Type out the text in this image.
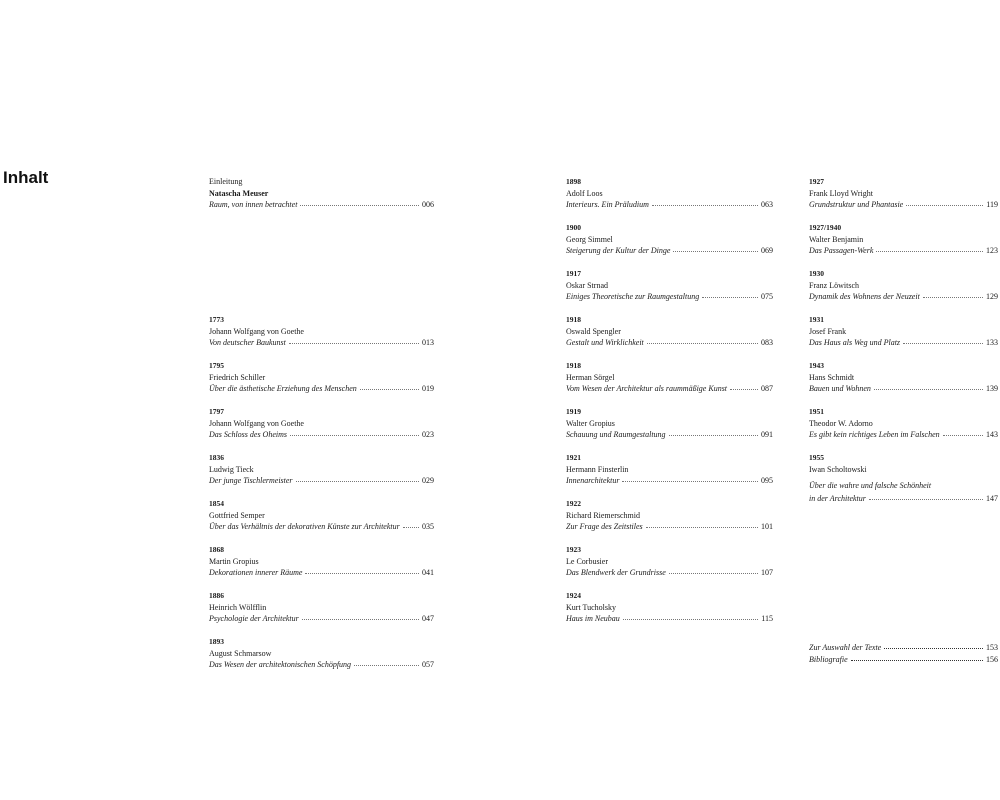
Inhalt	Einleitung
Natascha Meuser
Raum, von innen betrachtet	006
1773
Johann Wolfgang von Goethe
Von deutscher Baukunst	013
1795
Friedrich Schiller
Über die ästhetische Erziehung des Menschen	019
1797
Johann Wolfgang von Goethe
Das Schloss des Oheims	023
1836
Ludwig Tieck
Der junge Tischlermeister	029
1854
Gottfried Semper
Über das Verhältnis der dekorativen Künste zur Architektur	035
1868
Martin Gropius
Dekorationen innerer Räume	041
1886
Heinrich Wölfflin
Psychologie der Architektur	047
1893
August Schmarsow
Das Wesen der architektonischen Schöpfung	057
1898
Adolf Loos
Interieurs. Ein Präludium	063
1900
Georg Simmel
Steigerung der Kultur der Dinge	069
1917
Oskar Strnad
Einiges Theoretische zur Raumgestaltung	075
1918
Oswald Spengler
Gestalt und Wirklichkeit	083
1918
Herman Sörgel
Vom Wesen der Architektur als raummäßige Kunst	087
1919
Walter Gropius
Schauung und Raumgestaltung	091
1921
Hermann Finsterlin
Innenarchitektur	095
1922
Richard Riemerschmid
Zur Frage des Zeitstiles	101
1923
Le Corbusier
Das Blendwerk der Grundrisse	107
1924
Kurt Tucholsky
Haus im Neubau	115
1927
Frank Lloyd Wright
Grundstruktur und Phantasie	119
1927/1940
Walter Benjamin
Das Passagen-Werk	123
1930
Franz Löwitsch
Dynamik des Wohnens der Neuzeit	129
1931
Josef Frank
Das Haus als Weg und Platz	133
1943
Hans Schmidt
Bauen und Wohnen	139
1951
Theodor W. Adorno
Es gibt kein richtiges Leben im Falschen	143
1955
Iwan Scholtowski
Über die wahre und falsche Schönheit
in der Architektur	147
Zur Auswahl der Texte	153
Bibliografie	156
